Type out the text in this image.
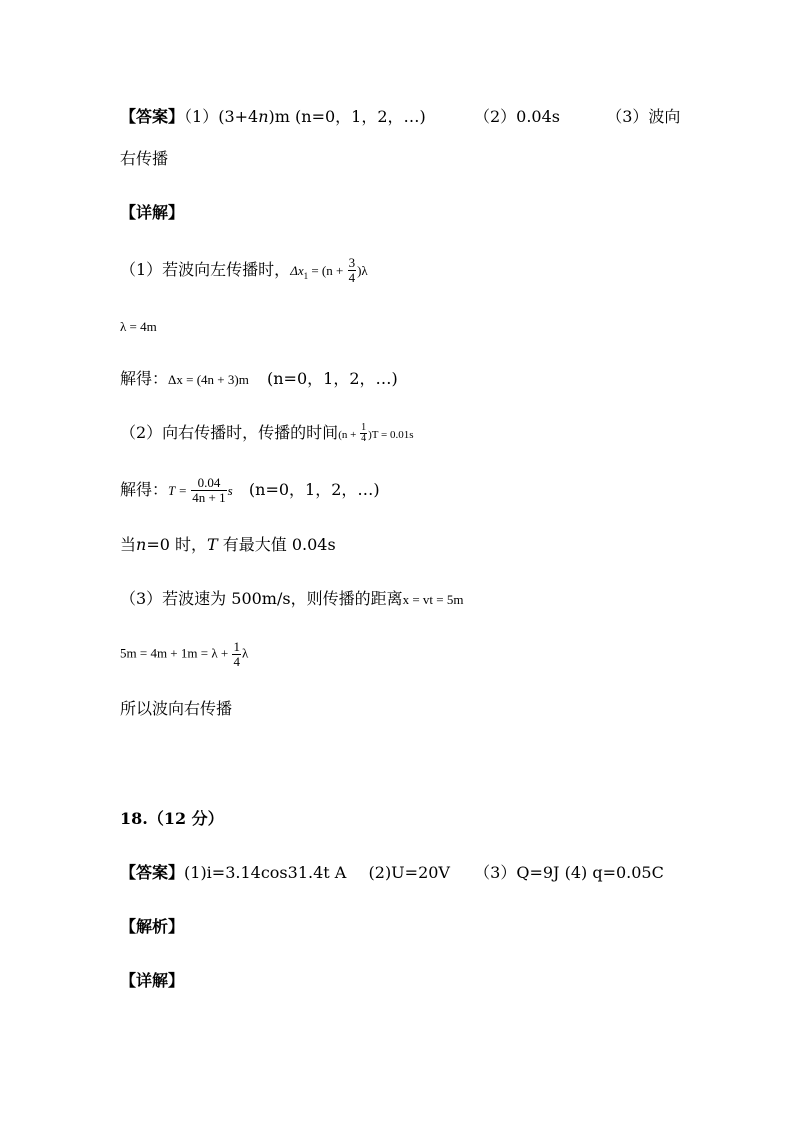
【答案】（1）(3+4n)m (n=0，1，2，…)	（2）0.04s	（3）波向
右传播
【详解】
（1）若波向左传播时，$\Delta x_1 = (n + \frac{3}{4} )\lambda$
λ = 4m
解得：Δx = (4n + 3)m (n=0，1，2，…)
（2）向右传播时，传播的时间$(n + \frac{1}{4} )T = 0.01s$
解得：$T = \frac{0.04}{4n + 1}$ s (n=0，1，2，…)
当n=0 时，T 有最大值 0.04s
（3）若波速为 500m/s，则传播的距离x = vt = 5m
$5m = 4m + 1m = \lambda + \frac{1}{4}$ λ
所以波向右传播
18.（12 分）
【答案】(1)i=3.14cos31.4t A (2)U=20V （3）Q=9J (4) q=0.05C
【解析】
【详解】
